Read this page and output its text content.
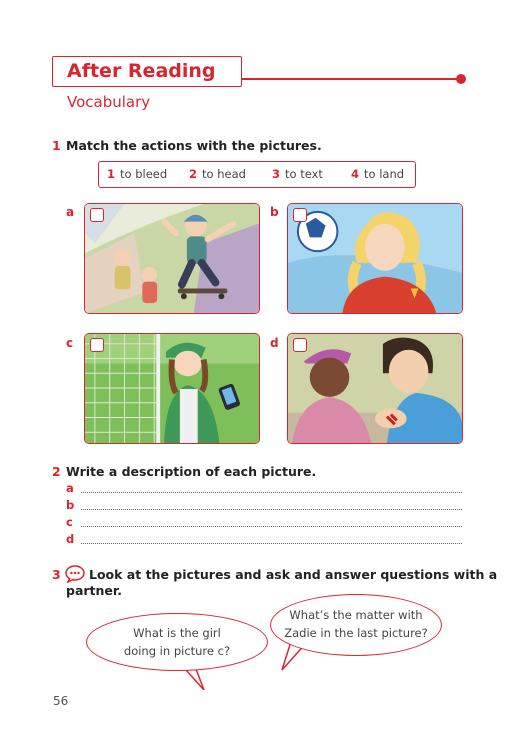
After Reading
Vocabulary
1 Match the actions with the pictures.
1 to bleed 2 to head 3 to text 4 to land
a	b
c	d
2 Write a description of each picture.
a
b
c
d
3 Look at the pictures and ask and answer questions with a
partner.
What is the girl
doing in picture c?
What’s the matter with
Zadie in the last picture?
56
